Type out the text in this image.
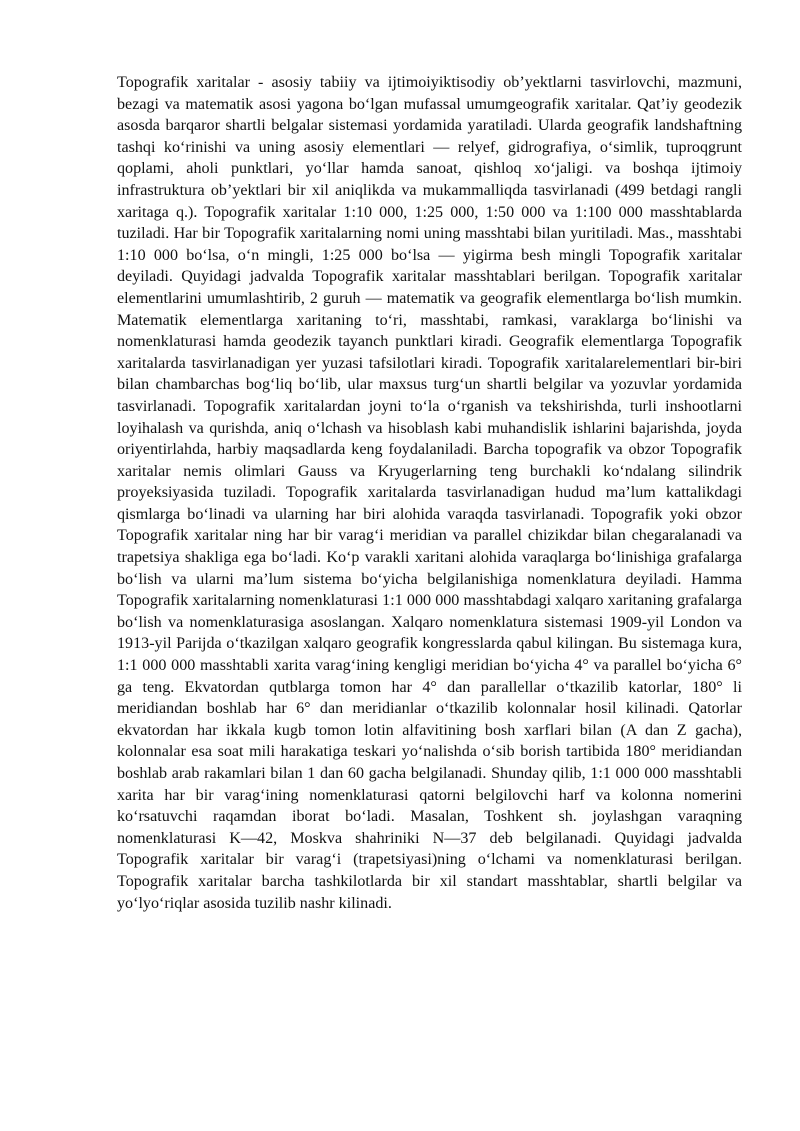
Topografik xaritalar - asosiy tabiiy va ijtimoiyiktisodiy ob’yektlarni tasvirlovchi, mazmuni, bezagi va matematik asosi yagona bo‘lgan mufassal umumgeografik xaritalar. Qat’iy geodezik asosda barqaror shartli belgalar sistemasi yordamida yaratiladi. Ularda geografik landshaftning tashqi ko‘rinishi va uning asosiy elementlari — relyef, gidrografiya, o‘simlik, tuproqgrunt qoplami, aholi punktlari, yo‘llar hamda sanoat, qishloq xo‘jaligi. va boshqa ijtimoiy infrastruktura ob’yektlari bir xil aniqlikda va mukammalliqda tasvirlanadi (499 betdagi rangli xaritaga q.). Topografik xaritalar 1:10 000, 1:25 000, 1:50 000 va 1:100 000 masshtablarda tuziladi. Har bir Topografik xaritalarning nomi uning masshtabi bilan yuritiladi. Mas., masshtabi 1:10 000 bo‘lsa, o‘n mingli, 1:25 000 bo‘lsa — yigirma besh mingli Topografik xaritalar deyiladi. Quyidagi jadvalda Topografik xaritalar masshtablari berilgan. Topografik xaritalar elementlarini umumlashtirib, 2 guruh — matematik va geografik elementlarga bo‘lish mumkin. Matematik elementlarga xaritaning to‘ri, masshtabi, ramkasi, varaklarga bo‘linishi va nomenklaturasi hamda geodezik tayanch punktlari kiradi. Geografik elementlarga Topografik xaritalarda tasvirlanadigan yer yuzasi tafsilotlari kiradi. Topografik xaritalarelementlari bir-biri bilan chambarchas bog‘liq bo‘lib, ular maxsus turg‘un shartli belgilar va yozuvlar yordamida tasvirlanadi. Topografik xaritalardan joyni to‘la o‘rganish va tekshirishda, turli inshootlarni loyihalash va qurishda, aniq o‘lchash va hisoblash kabi muhandislik ishlarini bajarishda, joyda oriyentirlahda, harbiy maqsadlarda keng foydalaniladi. Barcha topografik va obzor Topografik xaritalar nemis olimlari Gauss va Kryugerlarning teng burchakli ko‘ndalang silindrik proyeksiyasida tuziladi. Topografik xaritalarda tasvirlanadigan hudud ma’lum kattalikdagi qismlarga bo‘linadi va ularning har biri alohida varaqda tasvirlanadi. Topografik yoki obzor Topografik xaritalar ning har bir varag‘i meridian va parallel chizikdar bilan chegaralanadi va trapetsiya shakliga ega bo‘ladi. Ko‘p varakli xaritani alohida varaqlarga bo‘linishiga grafalarga bo‘lish va ularni ma’lum sistema bo‘yicha belgilanishiga nomenklatura deyiladi. Hamma Topografik xaritalarning nomenklaturasi 1:1 000 000 masshtabdagi xalqaro xaritaning grafalarga bo‘lish va nomenklaturasiga asoslangan. Xalqaro nomenklatura sistemasi 1909-yil London va 1913-yil Parijda o‘tkazilgan xalqaro geografik kongresslarda qabul kilingan. Bu sistemaga kura, 1:1 000 000 masshtabli xarita varag‘ining kengligi meridian bo‘yicha 4° va parallel bo‘yicha 6° ga teng. Ekvatordan qutblarga tomon har 4° dan parallellar o‘tkazilib katorlar, 180° li meridiandan boshlab har 6° dan meridianlar o‘tkazilib kolonnalar hosil kilinadi. Qatorlar ekvatordan har ikkala kugb tomon lotin alfavitining bosh xarflari bilan (A dan Z gacha), kolonnalar esa soat mili harakatiga teskari yo‘nalishda o‘sib borish tartibida 180° meridiandan boshlab arab rakamlari bilan 1 dan 60 gacha belgilanadi. Shunday qilib, 1:1 000 000 masshtabli xarita har bir varag‘ining nomenklaturasi qatorni belgilovchi harf va kolonna nomerini ko‘rsatuvchi raqamdan iborat bo‘ladi. Masalan, Toshkent sh. joylashgan varaqning nomenklaturasi K—42, Moskva shahriniki N—37 deb belgilanadi. Quyidagi jadvalda Topografik xaritalar bir varag‘i (trapetsiyasi)ning o‘lchami va nomenklaturasi berilgan. Topografik xaritalar barcha tashkilotlarda bir xil standart masshtablar, shartli belgilar va yo‘lyo‘riqlar asosida tuzilib nashr kilinadi.
